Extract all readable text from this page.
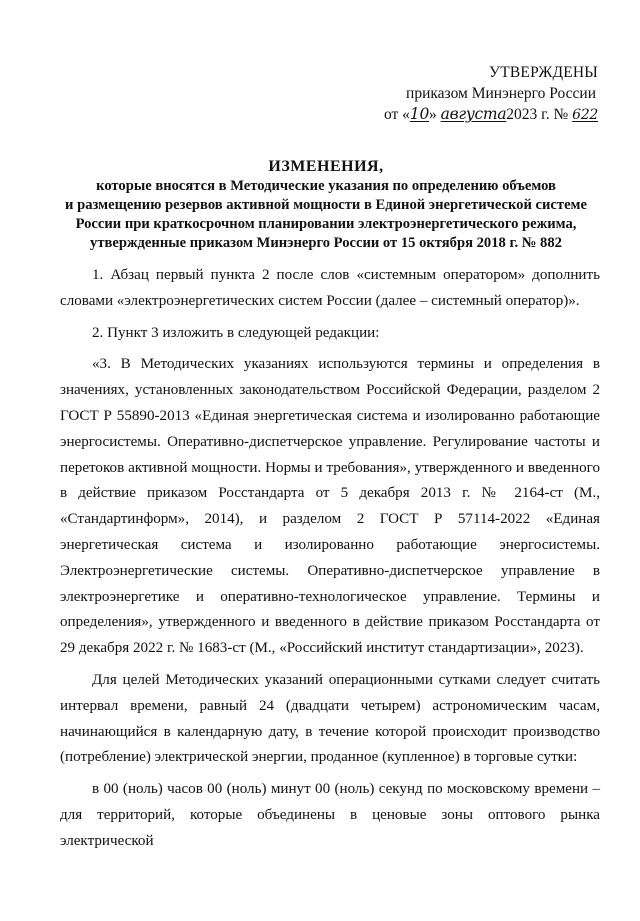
УТВЕРЖДЕНЫ
приказом Минэнерго России
от «10» августа2023 г. № 622
ИЗМЕНЕНИЯ,
которые вносятся в Методические указания по определению объемов
и размещению резервов активной мощности в Единой энергетической системе
России при краткосрочном планировании электроэнергетического режима,
утвержденные приказом Минэнерго России от 15 октября 2018 г. № 882

1. Абзац первый пункта 2 после слов «системным оператором» дополнить словами «электроэнергетических систем России (далее – системный оператор)».

2. Пункт 3 изложить в следующей редакции:

«3. В Методических указаниях используются термины и определения в значениях, установленных законодательством Российской Федерации, разделом 2 ГОСТ Р 55890-2013 «Единая энергетическая система и изолированно работающие энергосистемы. Оперативно-диспетчерское управление. Регулирование частоты и перетоков активной мощности. Нормы и требования», утвержденного и введенного в действие приказом Росстандарта от 5 декабря 2013 г. № 2164-ст (М., «Стандартинформ», 2014), и разделом 2 ГОСТ Р 57114-2022 «Единая энергетическая система и изолированно работающие энергосистемы. Электроэнергетические системы. Оперативно-диспетчерское управление в электроэнергетике и оперативно-технологическое управление. Термины и определения», утвержденного и введенного в действие приказом Росстандарта от 29 декабря 2022 г. № 1683-ст (М., «Российский институт стандартизации», 2023).

Для целей Методических указаний операционными сутками следует считать интервал времени, равный 24 (двадцати четырем) астрономическим часам, начинающийся в календарную дату, в течение которой происходит производство (потребление) электрической энергии, проданное (купленное) в торговые сутки:

в 00 (ноль) часов 00 (ноль) минут 00 (ноль) секунд по московскому времени – для территорий, которые объединены в ценовые зоны оптового рынка электрической
